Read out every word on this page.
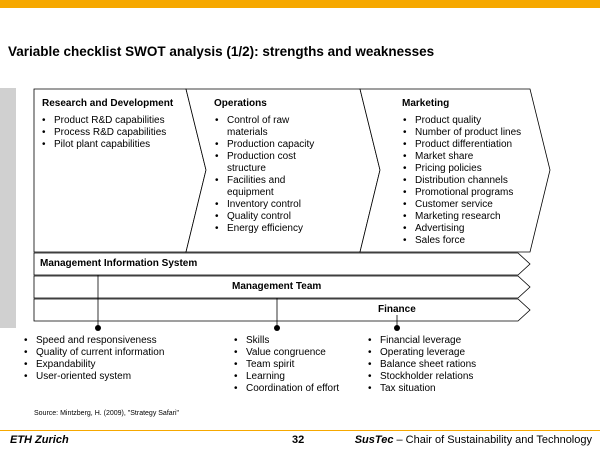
Variable checklist SWOT analysis (1/2): strengths and weaknesses
Research and Development	Operations	Marketing
• Product R&D capabilities
• Process R&D capabilities
• Pilot plant capabilities
• Control of raw
materials
• Production capacity
• Production cost
structure
• Facilities and
equipment
• Inventory control
• Quality control
• Energy efficiency
• Product quality
• Number of product lines
• Product differentiation
• Market share
• Pricing policies
• Distribution channels
• Promotional programs
• Customer service
• Marketing research
• Advertising
• Sales force
Management Information System
Management Team
Finance
• Speed and responsiveness
• Quality of current information
• Expandability
• User-oriented system
• Skills
• Value congruence
• Team spirit
• Learning
• Coordination of effort
• Financial leverage
• Operating leverage
• Balance sheet rations
• Stockholder relations
• Tax situation
Source: Mintzberg, H. (2009), "Strategy Safari"
ETH Zurich	32	SusTec – Chair of Sustainability and Technology
